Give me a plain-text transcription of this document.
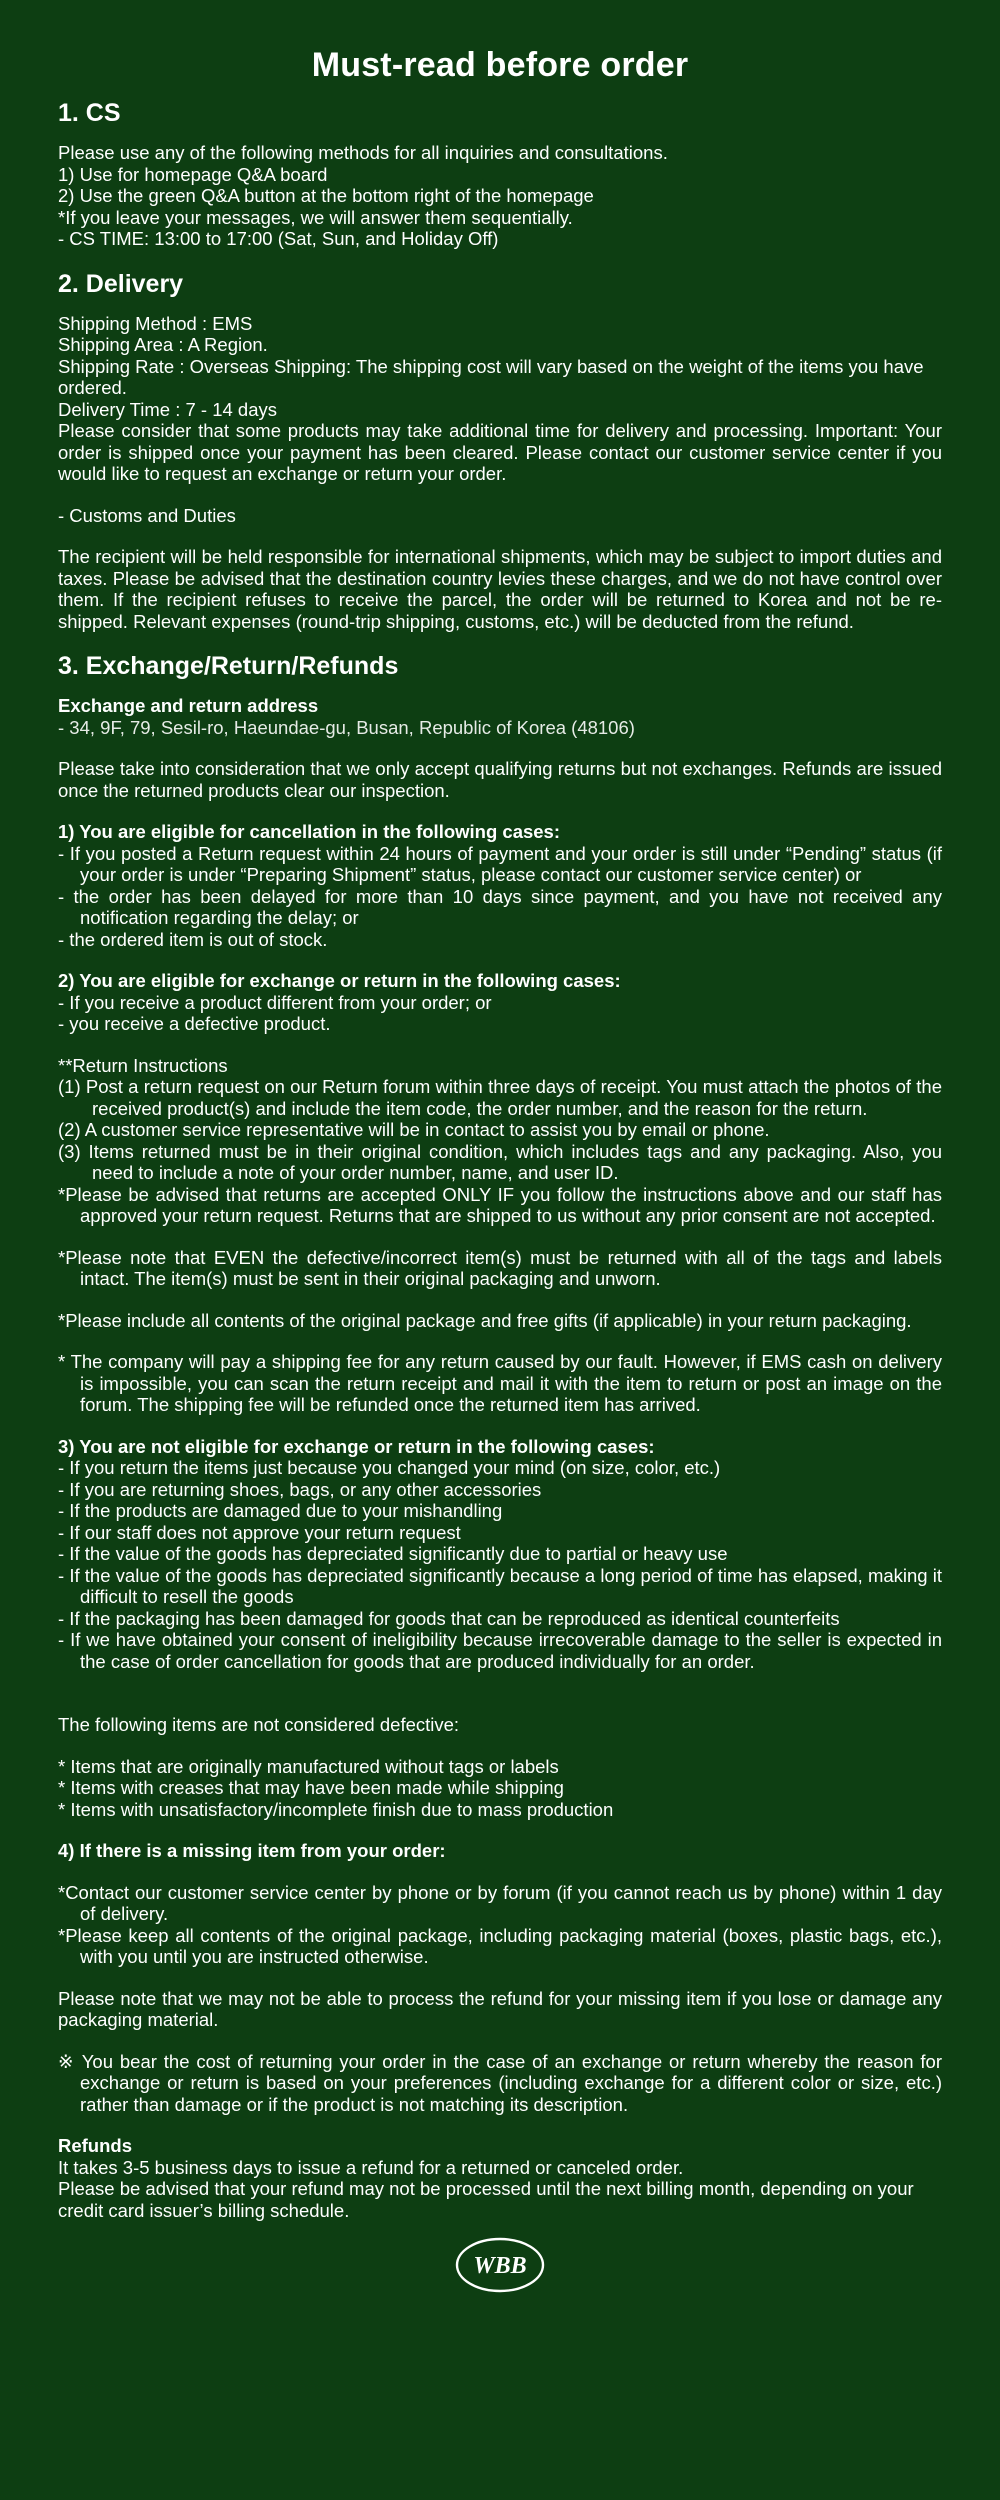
Must-read before order
1. CS

Please use any of the following methods for all inquiries and consultations.

1) Use for homepage Q&A board

2) Use the green Q&A button at the bottom right of the homepage

*If you leave your messages, we will answer them sequentially.

- CS TIME: 13:00 to 17:00 (Sat, Sun, and Holiday Off)

2. Delivery

Shipping Method : EMS

Shipping Area : A Region.

Shipping Rate : Overseas Shipping: The shipping cost will vary based on the weight of the items you have ordered.

Delivery Time : 7 - 14 days

Please consider that some products may take additional time for delivery and processing. Important: Your order is shipped once your payment has been cleared. Please contact our customer service center if you would like to request an exchange or return your order.

- Customs and Duties

The recipient will be held responsible for international shipments, which may be subject to import duties and taxes. Please be advised that the destination country levies these charges, and we do not have control over them. If the recipient refuses to receive the parcel, the order will be returned to Korea and not be re-shipped. Relevant expenses (round-trip shipping, customs, etc.) will be deducted from the refund.

3. Exchange/Return/Refunds

Exchange and return address

- 34, 9F, 79, Sesil-ro, Haeundae-gu, Busan, Republic of Korea (48106)

Please take into consideration that we only accept qualifying returns but not exchanges. Refunds are issued once the returned products clear our inspection.

1) You are eligible for cancellation in the following cases:

- If you posted a Return request within 24 hours of payment and your order is still under “Pending” status (if your order is under “Preparing Shipment” status, please contact our customer service center) or

- the order has been delayed for more than 10 days since payment, and you have not received any notification regarding the delay; or

- the ordered item is out of stock.

2) You are eligible for exchange or return in the following cases:

- If you receive a product different from your order; or

- you receive a defective product.

**Return Instructions

(1) Post a return request on our Return forum within three days of receipt. You must attach the photos of the received product(s) and include the item code, the order number, and the reason for the return.

(2) A customer service representative will be in contact to assist you by email or phone.

(3) Items returned must be in their original condition, which includes tags and any packaging. Also, you need to include a note of your order number, name, and user ID.

*Please be advised that returns are accepted ONLY IF you follow the instructions above and our staff has approved your return request. Returns that are shipped to us without any prior consent are not accepted.

*Please note that EVEN the defective/incorrect item(s) must be returned with all of the tags and labels intact. The item(s) must be sent in their original packaging and unworn.

*Please include all contents of the original package and free gifts (if applicable) in your return packaging.

* The company will pay a shipping fee for any return caused by our fault. However, if EMS cash on delivery is impossible, you can scan the return receipt and mail it with the item to return or post an image on the forum. The shipping fee will be refunded once the returned item has arrived.

3) You are not eligible for exchange or return in the following cases:

- If you return the items just because you changed your mind (on size, color, etc.)

- If you are returning shoes, bags, or any other accessories

- If the products are damaged due to your mishandling

- If our staff does not approve your return request

- If the value of the goods has depreciated significantly due to partial or heavy use

- If the value of the goods has depreciated significantly because a long period of time has elapsed, making it difficult to resell the goods

- If the packaging has been damaged for goods that can be reproduced as identical counterfeits

- If we have obtained your consent of ineligibility because irrecoverable damage to the seller is expected in the case of order cancellation for goods that are produced individually for an order.

The following items are not considered defective:

* Items that are originally manufactured without tags or labels

* Items with creases that may have been made while shipping

* Items with unsatisfactory/incomplete finish due to mass production

4) If there is a missing item from your order:

*Contact our customer service center by phone or by forum (if you cannot reach us by phone) within 1 day of delivery.

*Please keep all contents of the original package, including packaging material (boxes, plastic bags, etc.), with you until you are instructed otherwise.

Please note that we may not be able to process the refund for your missing item if you lose or damage any packaging material.

※ You bear the cost of returning your order in the case of an exchange or return whereby the reason for exchange or return is based on your preferences (including exchange for a different color or size, etc.) rather than damage or if the product is not matching its description.

Refunds

It takes 3-5 business days to issue a refund for a returned or canceled order.

Please be advised that your refund may not be processed until the next billing month, depending on your credit card issuer’s billing schedule.

WBB
